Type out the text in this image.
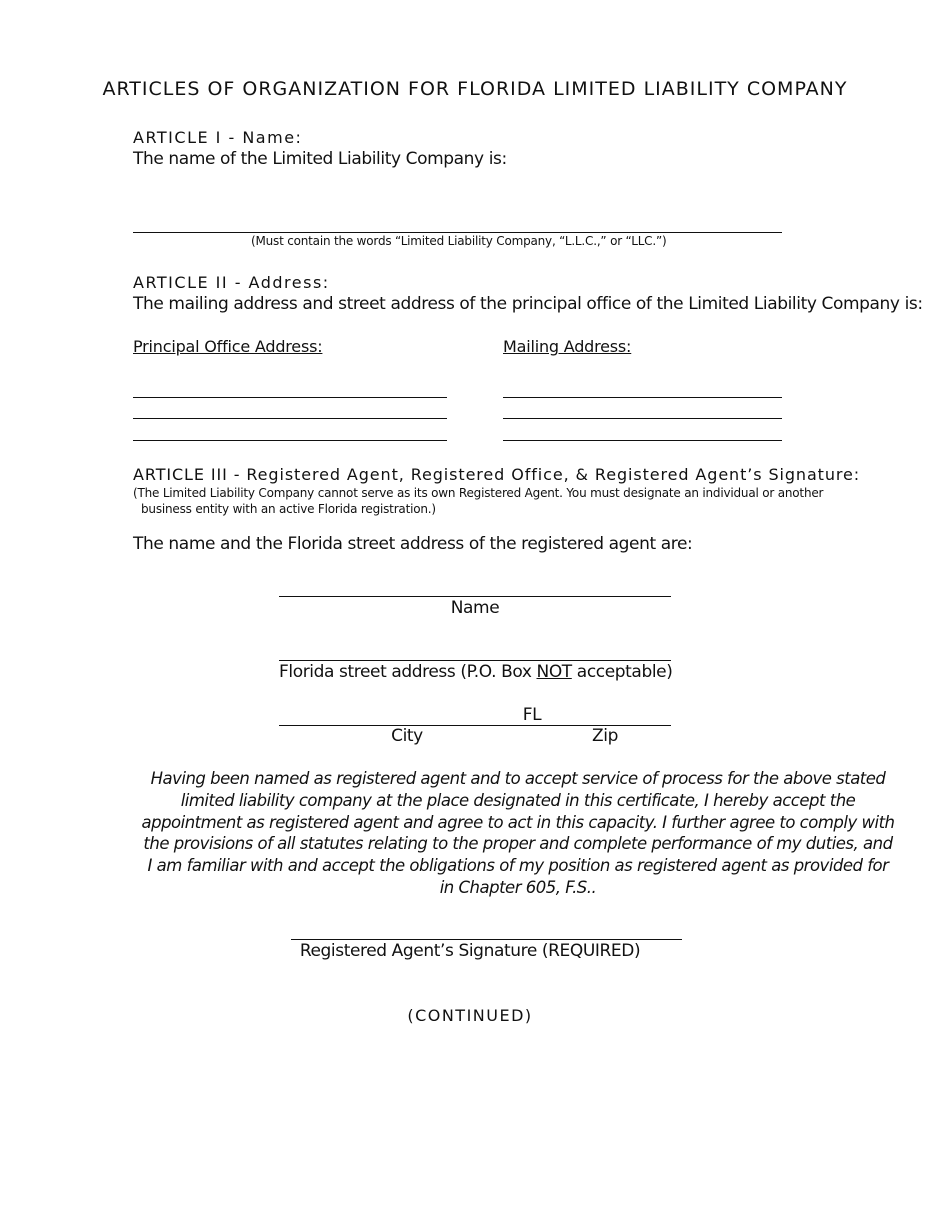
ARTICLES OF ORGANIZATION FOR FLORIDA LIMITED LIABILITY COMPANY
ARTICLE I - Name:
The name of the Limited Liability Company is:
(Must contain the words “Limited Liability Company, “L.L.C.,” or “LLC.”)
ARTICLE II - Address:
The mailing address and street address of the principal office of the Limited Liability Company is:
Principal Office Address:	Mailing Address:
ARTICLE III - Registered Agent, Registered Office, & Registered Agent’s Signature:
(The Limited Liability Company cannot serve as its own Registered Agent. You must designate an individual or another
business entity with an active Florida registration.)
The name and the Florida street address of the registered agent are:
Name
Florida street address (P.O. Box NOT acceptable)
FL
City	Zip
Having been named as registered agent and to accept service of process for the above stated limited liability company at the place designated in this certificate, I hereby accept the appointment as registered agent and agree to act in this capacity. I further agree to comply with the provisions of all statutes relating to the proper and complete performance of my duties, and I am familiar with and accept the obligations of my position as registered agent as provided for in Chapter 605, F.S..
Registered Agent’s Signature (REQUIRED)
(CONTINUED)
